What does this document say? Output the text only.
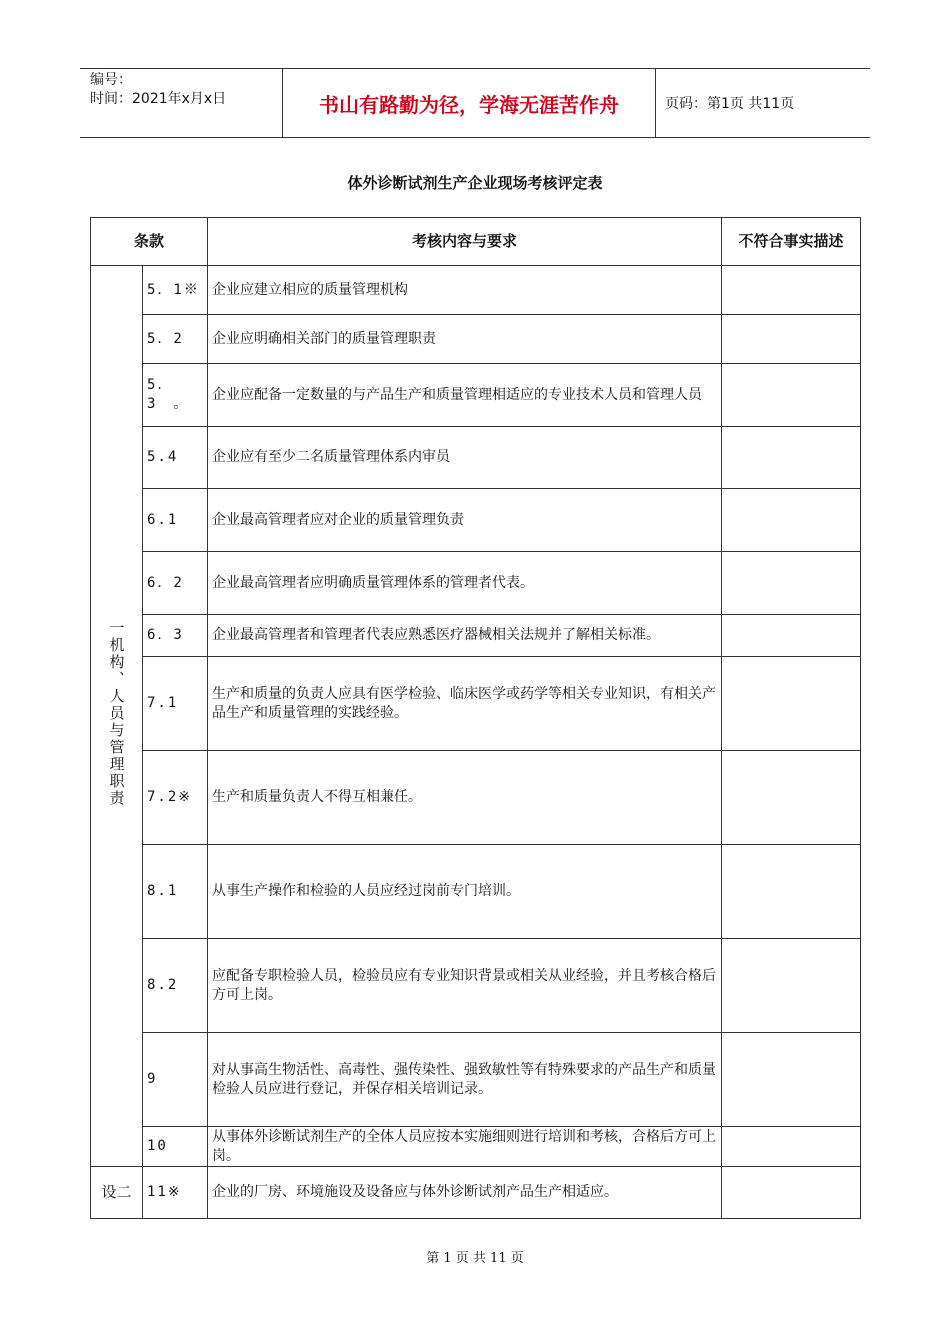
编号：
时间：2021年x月x日	书山有路勤为径，学海无涯苦作舟	页码：第1页 共11页
体外诊断试剂生产企业现场考核评定表
条款		考核内容与要求	不符合事实描述
一机构、人员与管理职责	5．1※	企业应建立相应的质量管理机构	
	5．2	企业应明确相关部门的质量管理职责	
	5．3　。	企业应配备一定数量的与产品生产和质量管理相适应的专业技术人员和管理人员	
	5.4	企业应有至少二名质量管理体系内审员	
	6.1	企业最高管理者应对企业的质量管理负责	
	6．2	企业最高管理者应明确质量管理体系的管理者代表。	
	6．3	企业最高管理者和管理者代表应熟悉医疗器械相关法规并了解相关标准。	
	7.1	生产和质量的负责人应具有医学检验、临床医学或药学等相关专业知识，有相关产品生产和质量管理的实践经验。	
	7.2※	生产和质量负责人不得互相兼任。	
	8.1	从事生产操作和检验的人员应经过岗前专门培训。	
	8.2	应配备专职检验人员，检验员应有专业知识背景或相关从业经验，并且考核合格后方可上岗。	
	9	对从事高生物活性、高毒性、强传染性、强致敏性等有特殊要求的产品生产和质量检验人员应进行登记，并保存相关培训记录。	
	10	从事体外诊断试剂生产的全体人员应按本实施细则进行培训和考核，合格后方可上岗。	
设二	11※	企业的厂房、环境施设及设备应与体外诊断试剂产品生产相适应。	
第 1 页 共 11 页
